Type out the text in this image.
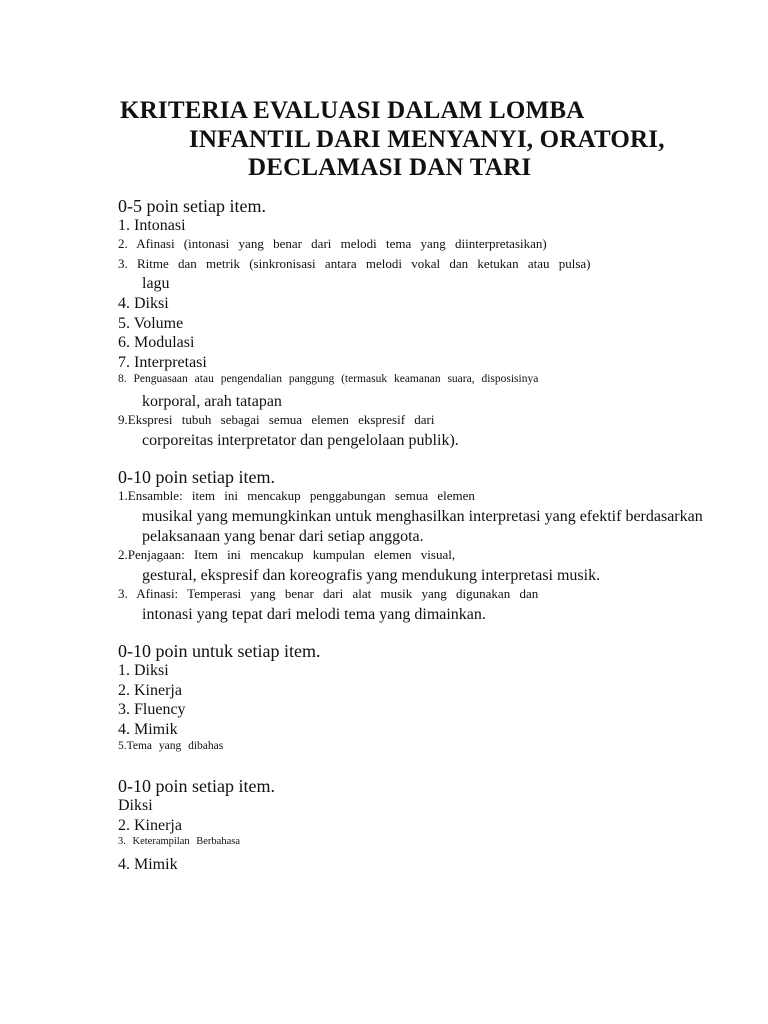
KRITERIA EVALUASI DALAM LOMBA
INFANTIL DARI MENYANYI, ORATORI,
DECLAMASI DAN TARI
0-5 poin setiap item.
1. Intonasi
2. Afinasi (intonasi yang benar dari melodi tema yang diinterpretasikan)
3. Ritme dan metrik (sinkronisasi antara melodi vokal dan ketukan atau pulsa)
lagu
4. Diksi
5. Volume
6. Modulasi
7. Interpretasi
8. Penguasaan atau pengendalian panggung (termasuk keamanan suara, disposisinya
korporal, arah tatapan
9.Ekspresi tubuh sebagai semua elemen ekspresif dari
corporeitas interpretator dan pengelolaan publik).
0-10 poin setiap item.
1.Ensamble: item ini mencakup penggabungan semua elemen
musikal yang memungkinkan untuk menghasilkan interpretasi yang efektif berdasarkan
pelaksanaan yang benar dari setiap anggota.
2.Penjagaan: Item ini mencakup kumpulan elemen visual,
gestural, ekspresif dan koreografis yang mendukung interpretasi musik.
3. Afinasi: Temperasi yang benar dari alat musik yang digunakan dan
intonasi yang tepat dari melodi tema yang dimainkan.
0-10 poin untuk setiap item.
1. Diksi
2. Kinerja
3. Fluency
4. Mimik
5.Tema yang dibahas
0-10 poin setiap item.
Diksi
2. Kinerja
3. Keterampilan Berbahasa
4. Mimik
